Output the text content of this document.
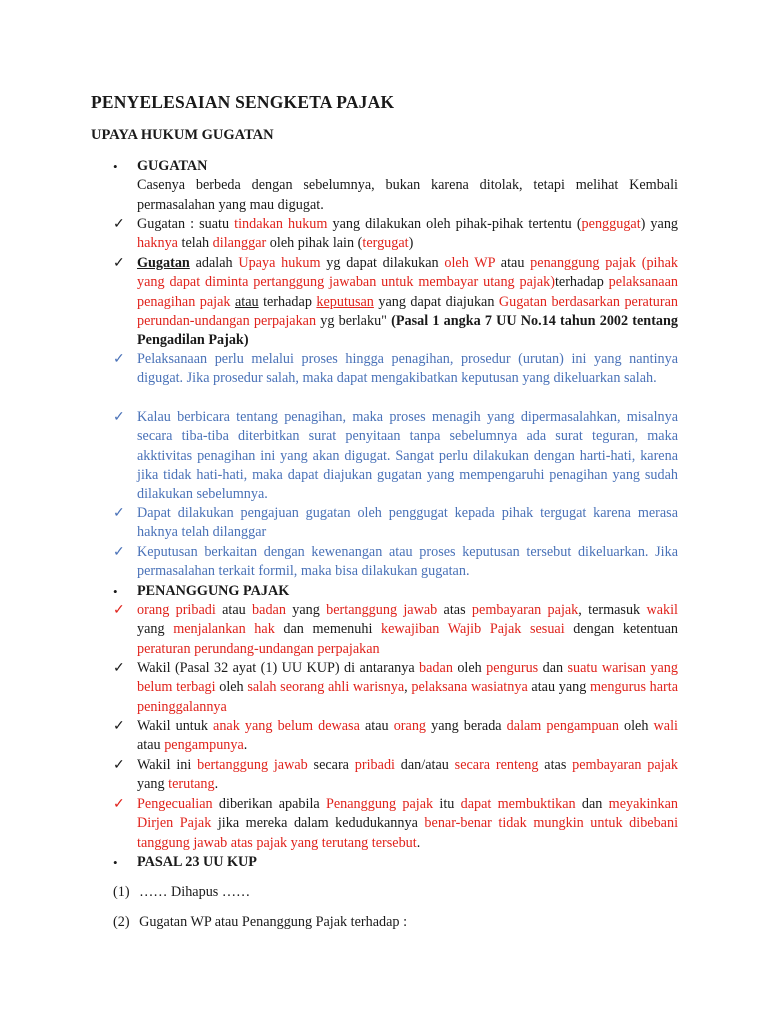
PENYELESAIAN SENGKETA PAJAK
UPAYA HUKUM GUGATAN
•	GUGATAN
Casenya berbeda dengan sebelumnya, bukan karena ditolak, tetapi melihat Kembali permasalahan yang mau digugat.
✓ Gugatan : suatu tindakan hukum yang dilakukan oleh pihak-pihak tertentu (penggugat) yang haknya telah dilanggar oleh pihak lain (tergugat)
✓ Gugatan adalah Upaya hukum yg dapat dilakukan oleh WP atau penanggung pajak (pihak yang dapat diminta pertanggung jawaban untuk membayar utang pajak)terhadap pelaksanaan penagihan pajak atau terhadap keputusan yang dapat diajukan Gugatan berdasarkan peraturan perundan-undangan perpajakan yg berlaku" (Pasal 1 angka 7 UU No.14 tahun 2002 tentang Pengadilan Pajak)
✓ Pelaksanaan perlu melalui proses hingga penagihan, prosedur (urutan) ini yang nantinya digugat. Jika prosedur salah, maka dapat mengakibatkan keputusan yang dikeluarkan salah.
✓ Kalau berbicara tentang penagihan, maka proses menagih yang dipermasalahkan, misalnya secara tiba-tiba diterbitkan surat penyitaan tanpa sebelumnya ada surat teguran, maka akktivitas penagihan ini yang akan digugat. Sangat perlu dilakukan dengan harti-hati, karena jika tidak hati-hati, maka dapat diajukan gugatan yang mempengaruhi penagihan yang sudah dilakukan sebelumnya.
✓ Dapat dilakukan pengajuan gugatan oleh penggugat kepada pihak tergugat karena merasa haknya telah dilanggar
✓ Keputusan berkaitan dengan kewenangan atau proses keputusan tersebut dikeluarkan. Jika permasalahan terkait formil, maka bisa dilakukan gugatan.
•	PENANGGUNG PAJAK
✓ orang pribadi atau badan yang bertanggung jawab atas pembayaran pajak, termasuk wakil yang menjalankan hak dan memenuhi kewajiban Wajib Pajak sesuai dengan ketentuan peraturan perundang-undangan perpajakan
✓ Wakil (Pasal 32 ayat (1) UU KUP) di antaranya badan oleh pengurus dan suatu warisan yang belum terbagi oleh salah seorang ahli warisnya, pelaksana wasiatnya atau yang mengurus harta peninggalannya
✓ Wakil untuk anak yang belum dewasa atau orang yang berada dalam pengampuan oleh wali atau pengampunya.
✓ Wakil ini bertanggung jawab secara pribadi dan/atau secara renteng atas pembayaran pajak yang terutang.
✓ Pengecualian diberikan apabila Penanggung pajak itu dapat membuktikan dan meyakinkan Dirjen Pajak jika mereka dalam kedudukannya benar-benar tidak mungkin untuk dibebani tanggung jawab atas pajak yang terutang tersebut.
•	PASAL 23 UU KUP
(1) …… Dihapus ……
(2) Gugatan WP atau Penanggung Pajak terhadap :
